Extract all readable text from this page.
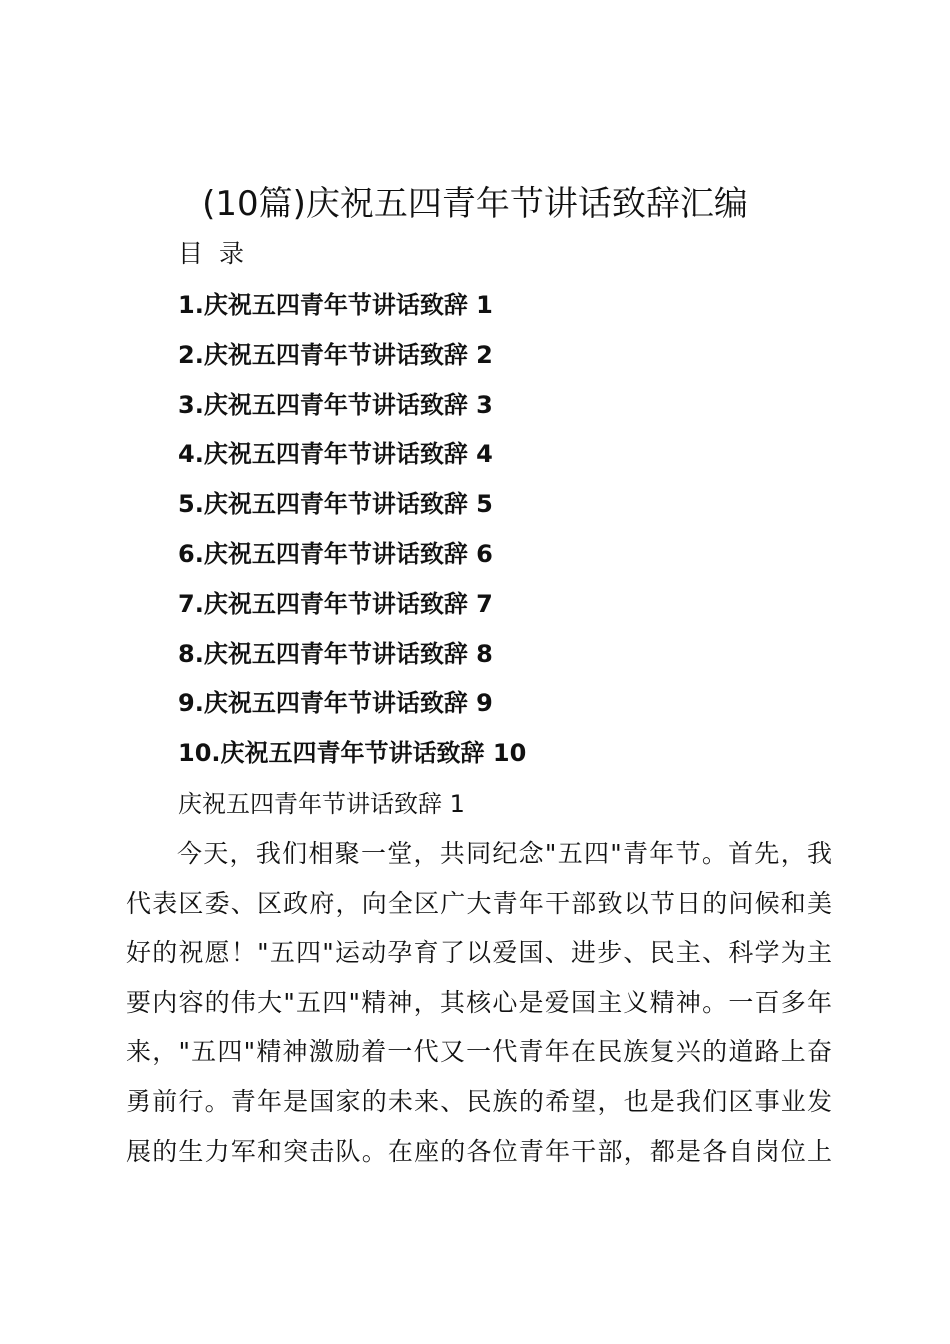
(10篇)庆祝五四青年节讲话致辞汇编
目 录
1.庆祝五四青年节讲话致辞 1
2.庆祝五四青年节讲话致辞 2
3.庆祝五四青年节讲话致辞 3
4.庆祝五四青年节讲话致辞 4
5.庆祝五四青年节讲话致辞 5
6.庆祝五四青年节讲话致辞 6
7.庆祝五四青年节讲话致辞 7
8.庆祝五四青年节讲话致辞 8
9.庆祝五四青年节讲话致辞 9
10.庆祝五四青年节讲话致辞 10
庆祝五四青年节讲话致辞 1
今天，我们相聚一堂，共同纪念"五四"青年节。首先，我
代表区委、区政府，向全区广大青年干部致以节日的问候和美
好的祝愿！"五四"运动孕育了以爱国、进步、民主、科学为主
要内容的伟大"五四"精神，其核心是爱国主义精神。一百多年
来，"五四"精神激励着一代又一代青年在民族复兴的道路上奋
勇前行。青年是国家的未来、民族的希望，也是我们区事业发
展的生力军和突击队。在座的各位青年干部，都是各自岗位上
